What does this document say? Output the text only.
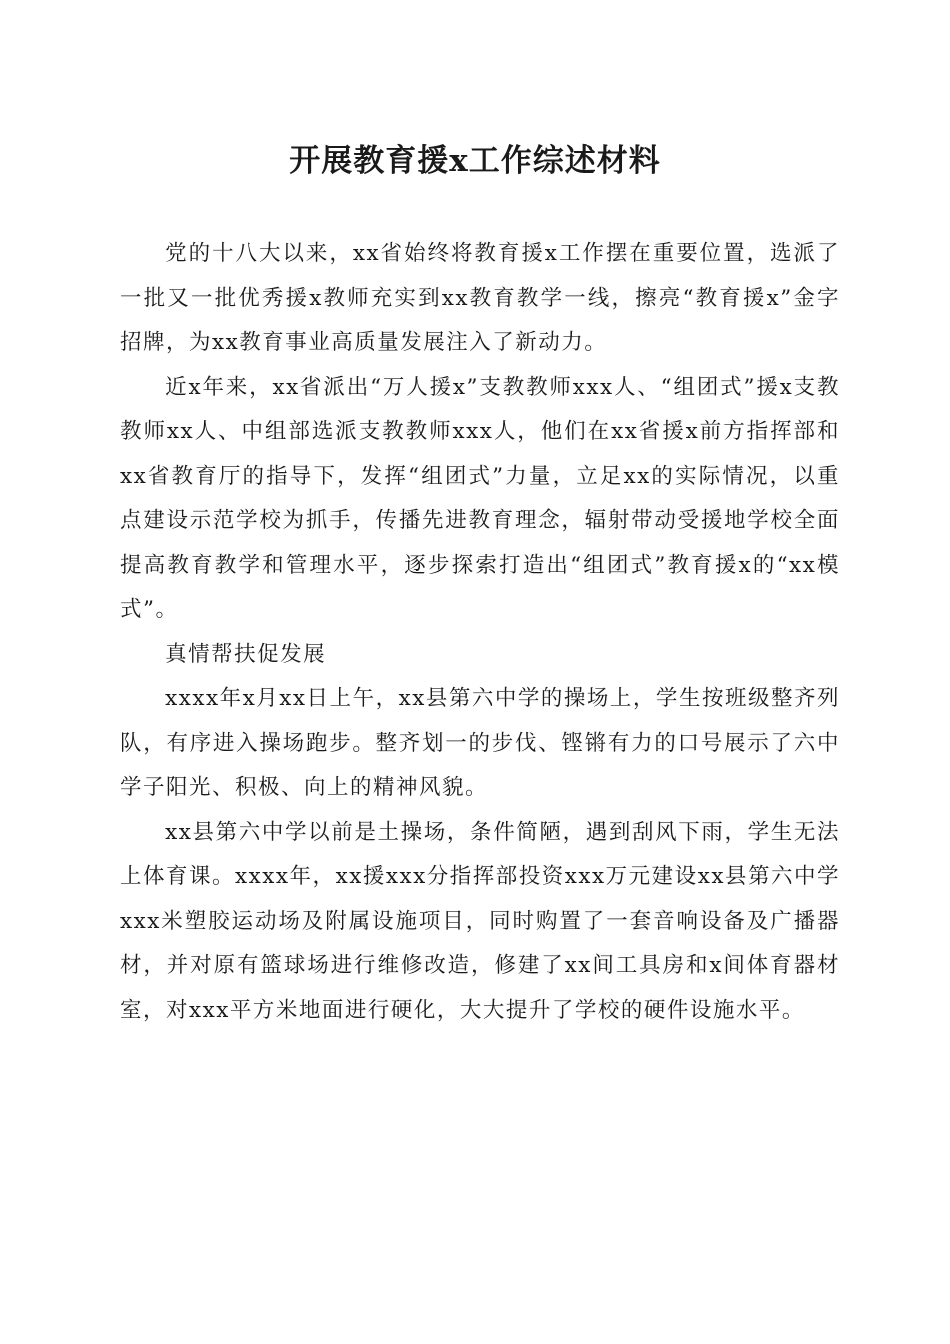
开展教育援x工作综述材料

党的十八大以来，xx省始终将教育援x工作摆在重要位置，选派了一批又一批优秀援x教师充实到xx教育教学一线，擦亮“教育援x”金字招牌，为xx教育事业高质量发展注入了新动力。

近x年来，xx省派出“万人援x”支教教师xxx人、“组团式”援x支教教师xx人、中组部选派支教教师xxx人，他们在xx省援x前方指挥部和xx省教育厅的指导下，发挥“组团式”力量，立足xx的实际情况，以重点建设示范学校为抓手，传播先进教育理念，辐射带动受援地学校全面提高教育教学和管理水平，逐步探索打造出“组团式”教育援x的“xx模式”。

真情帮扶促发展

xxxx年x月xx日上午，xx县第六中学的操场上，学生按班级整齐列队，有序进入操场跑步。整齐划一的步伐、铿锵有力的口号展示了六中学子阳光、积极、向上的精神风貌。

xx县第六中学以前是土操场，条件简陋，遇到刮风下雨，学生无法上体育课。xxxx年，xx援xxx分指挥部投资xxx万元建设xx县第六中学xxx米塑胶运动场及附属设施项目，同时购置了一套音响设备及广播器材，并对原有篮球场进行维修改造，修建了xx间工具房和x间体育器材室，对xxx平方米地面进行硬化，大大提升了学校的硬件设施水平。
